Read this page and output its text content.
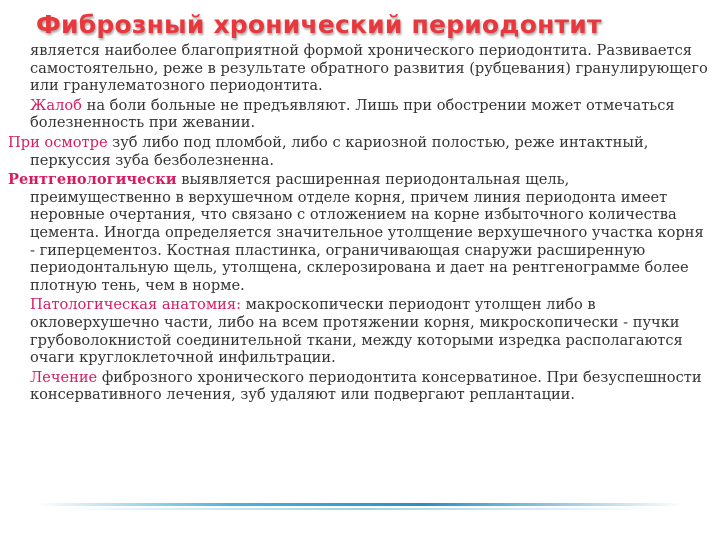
Фиброзный хронический периодонтит

является наиболее благоприятной формой хронического периодонтита. Развивается самостоятельно, реже в результате обратного развития (рубцевания) гранулирующего или гранулематозного периодонтита.

Жалоб на боли больные не предъявляют. Лишь при обострении может отмечаться болезненность при жевании.

При осмотре зуб либо под пломбой, либо с кариозной полостью, реже интактный, перкуссия зуба безболезненна.

Рентгенологически выявляется расширенная периодонтальная щель, преимущественно в верхушечном отделе корня, причем линия периодонта имеет неровные очертания, что связано с отложением на корне избыточного количества цемента. Иногда определяется значительное утолщение верхушечного участка корня - гиперцементоз. Костная пластинка, ограничивающая снаружи расширенную периодонтальную щель, утолщена, склерозирована и дает на рентгенограмме более плотную тень, чем в норме.

Патологическая анатомия: макроскопически периодонт утолщен либо в окловерхушечно части, либо на всем протяжении корня, микроскопически - пучки грубоволокнистой соединительной ткани, между которыми изредка располагаются очаги круглоклеточной инфильтрации.

Лечение фиброзного хронического периодонтита консерватиное. При безуспешности консервативного лечения, зуб удаляют или подвергают реплантации.
